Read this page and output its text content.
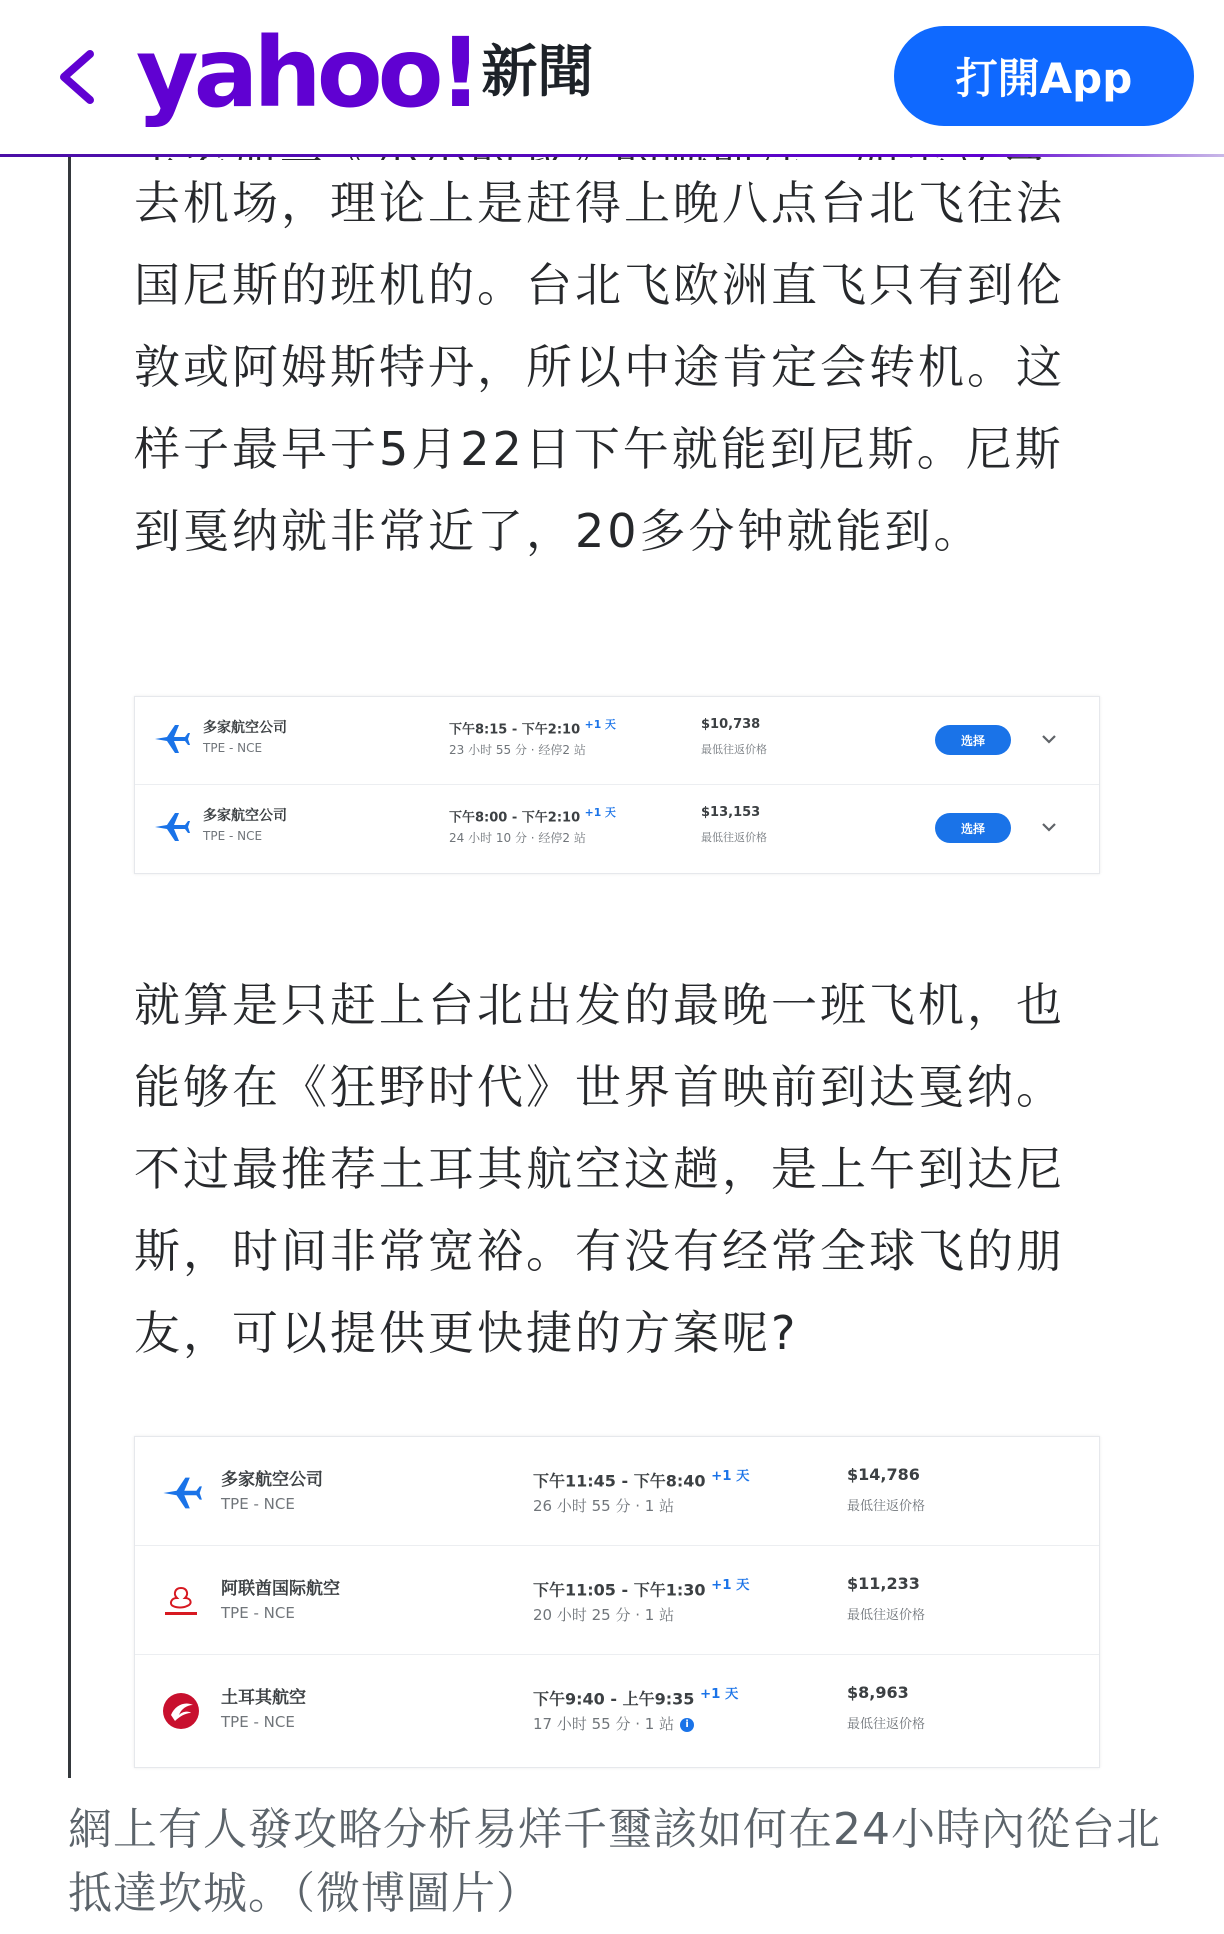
yahoo! 新聞	打開App

去机场，理论上是赶得上晚八点台北飞往法国尼斯的班机的。台北飞欧洲直飞只有到伦敦或阿姆斯特丹，所以中途肯定会转机。这样子最早于5月22日下午就能到尼斯。尼斯到戛纳就非常近了，20多分钟就能到。

多家航空公司
TPE - NCE
下午8:15 - 下午2:10 $^{+1 天}$
23 小时 55 分 · 经停2 站
$10,738
最低往返价格
选择
多家航空公司
TPE - NCE
下午8:00 - 下午2:10 $^{+1 天}$
24 小时 10 分 · 经停2 站
$13,153
最低往返价格
选择

就算是只赶上台北出发的最晚一班飞机，也能够在《狂野时代》世界首映前到达戛纳。不过最推荐土耳其航空这趟，是上午到达尼斯，时间非常宽裕。有没有经常全球飞的朋友，可以提供更快捷的方案呢?

多家航空公司
TPE - NCE
下午11:45 - 下午8:40 $^{+1 天}$
26 小时 55 分 · 1 站
$14,786
最低往返价格
阿联酋国际航空
TPE - NCE
下午11:05 - 下午1:30 $^{+1 天}$
20 小时 25 分 · 1 站
$11,233
最低往返价格
土耳其航空
TPE - NCE
下午9:40 - 上午9:35 $^{+1 天}$
17 小时 55 分 · 1 站 i
$8,963
最低往返价格

網上有人發攻略分析易烊千璽該如何在24小時內從台北抵達坎城。（微博圖片）
